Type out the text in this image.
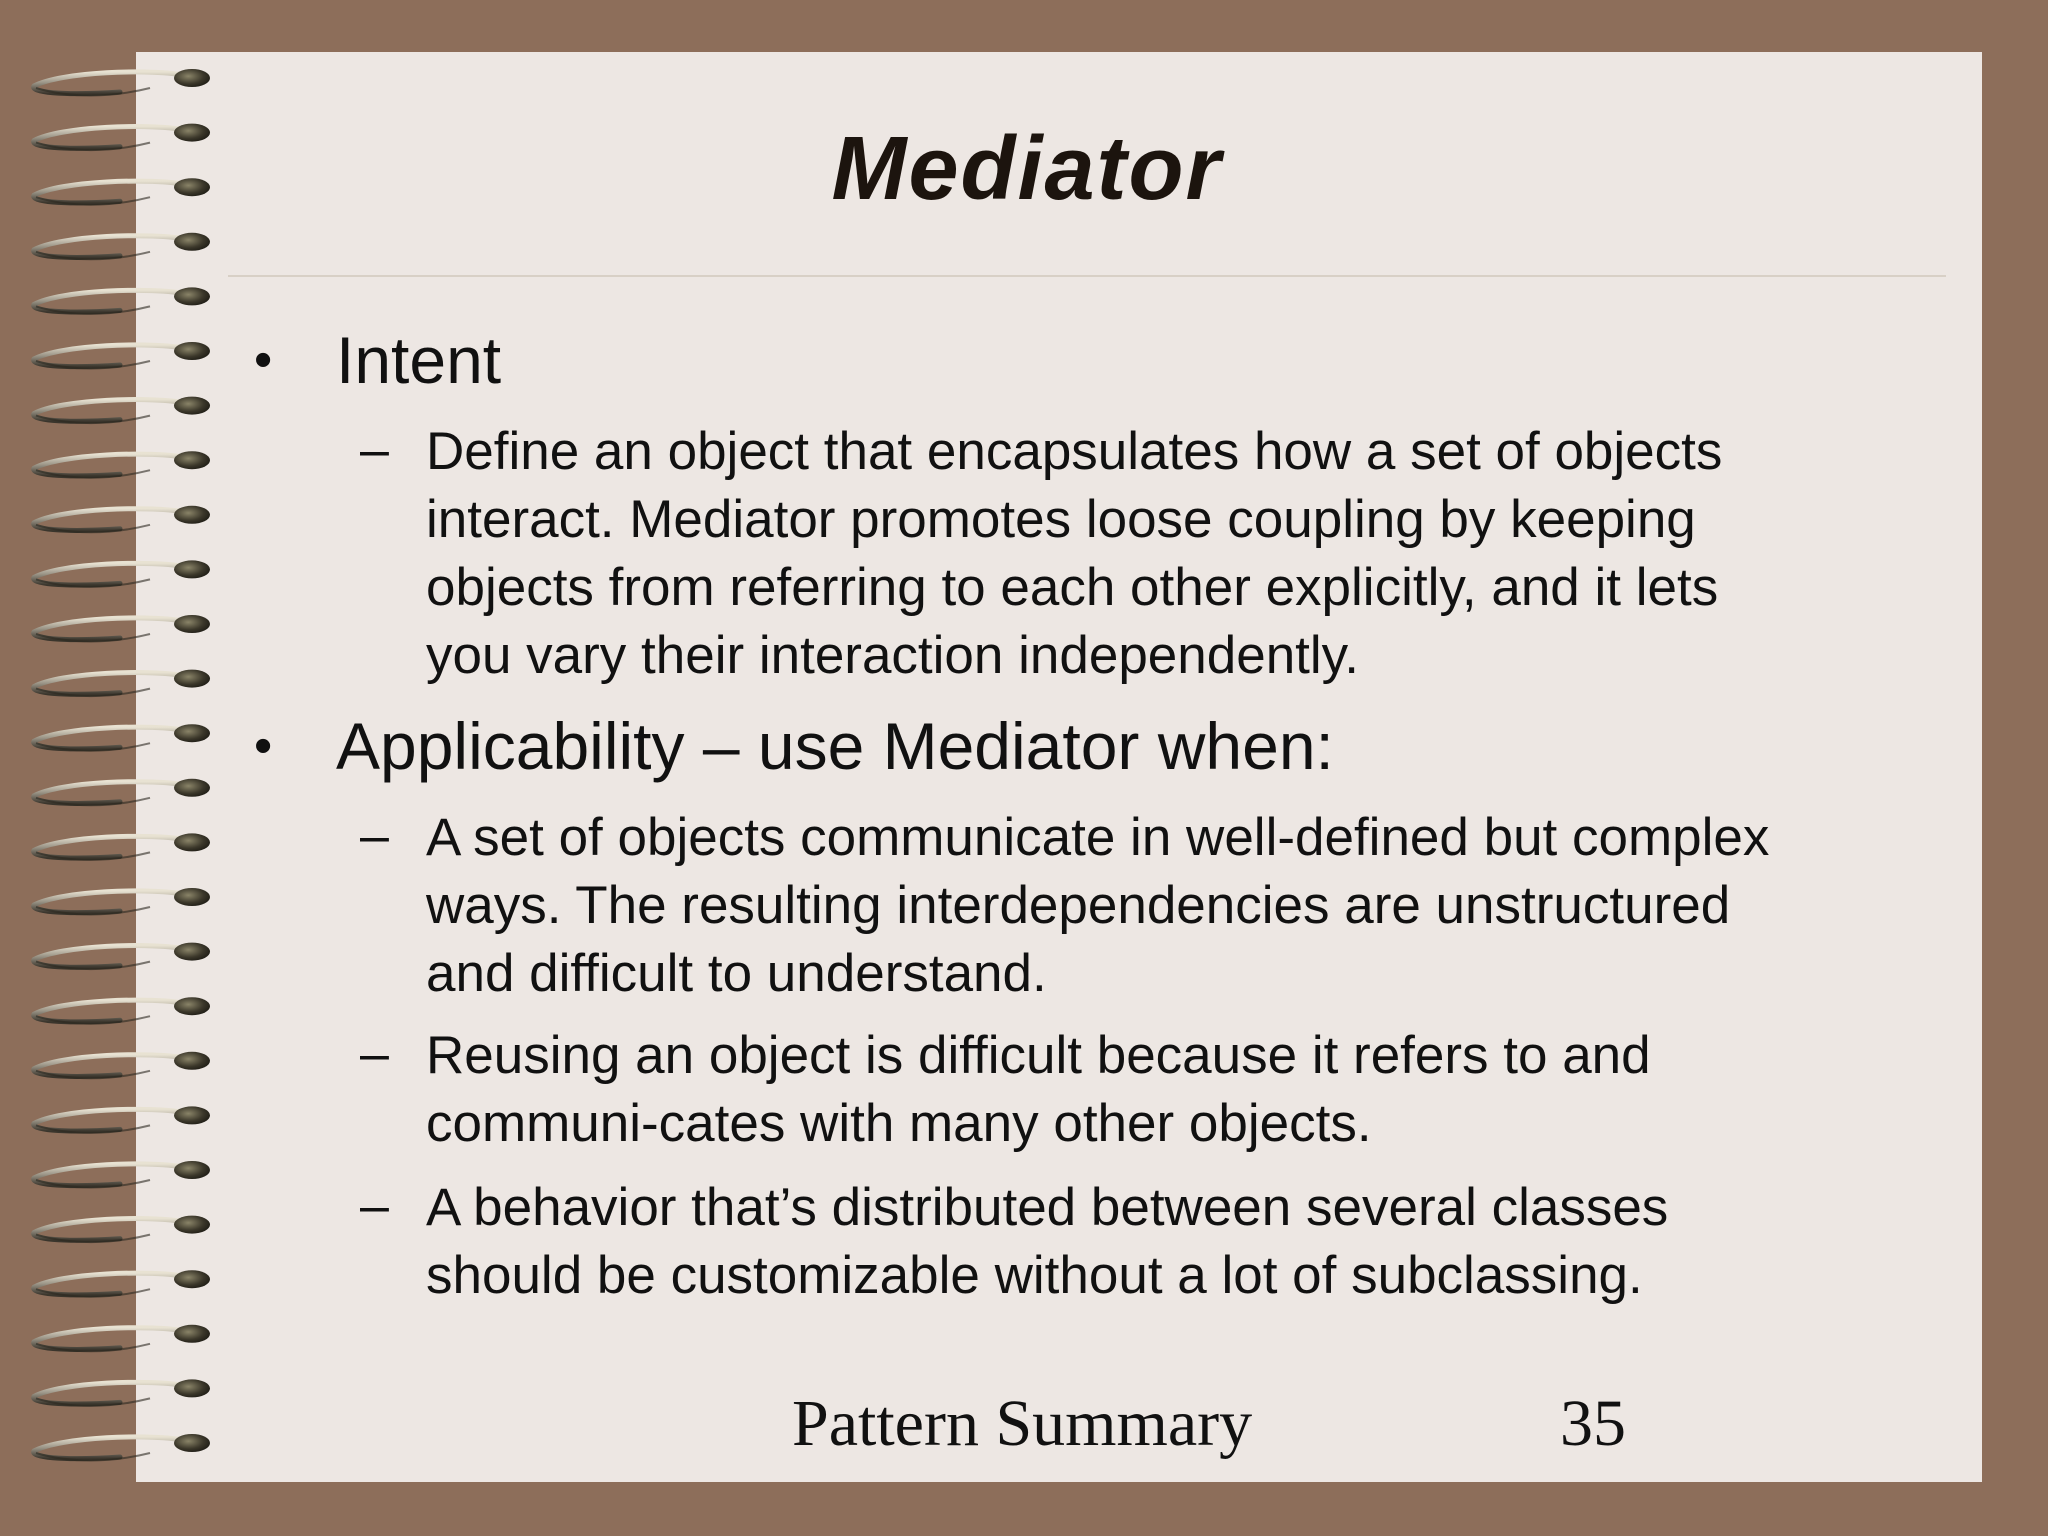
Mediator
• Intent
– Define an object that encapsulates how a set of objects
interact. Mediator promotes loose coupling by keeping
objects from referring to each other explicitly, and it lets
you vary their interaction independently.
• Applicability – use Mediator when:
– A set of objects communicate in well-defined but complex
ways. The resulting interdependencies are unstructured
and difficult to understand.
– Reusing an object is difficult because it refers to and
communi-cates with many other objects.
– A behavior that’s distributed between several classes
should be customizable without a lot of subclassing.
Pattern Summary	35
